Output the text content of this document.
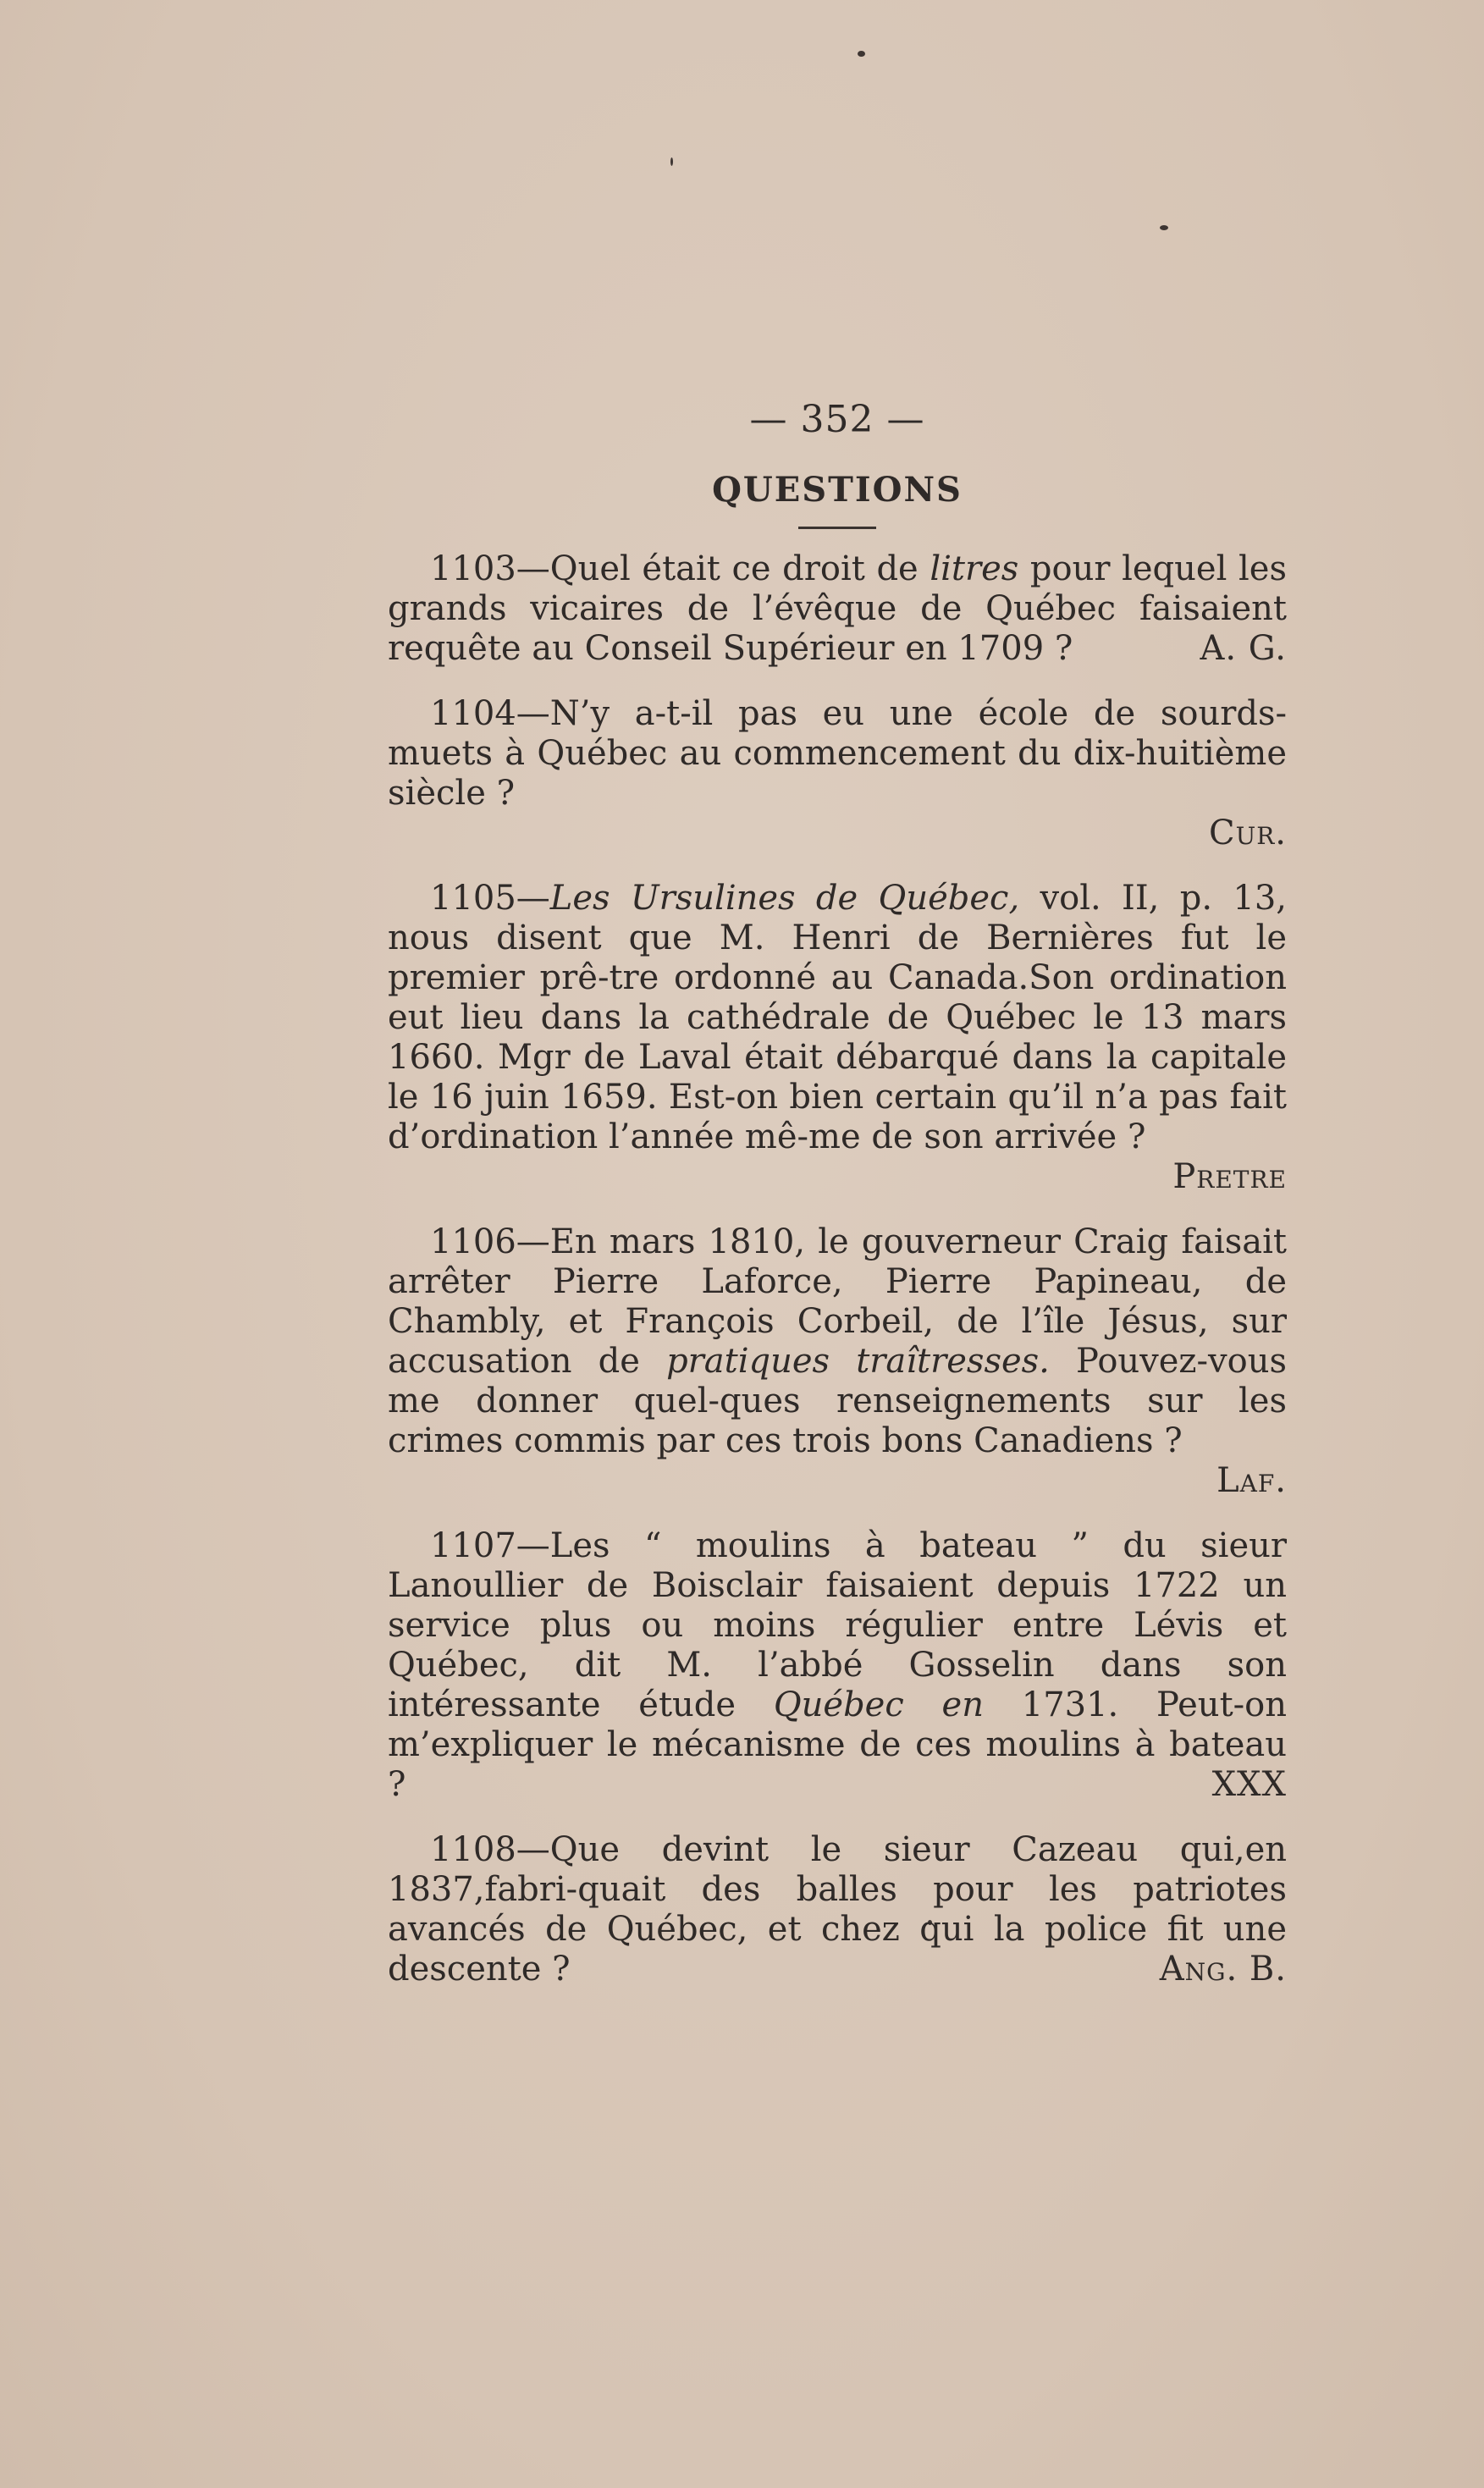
— 352 —
QUESTIONS

1103—Quel était ce droit de litres pour lequel les grands vicaires de l’évêque de Québec faisaient requête au Conseil Supérieur en 1709 ?	A. G.

1104—N’y a-t-il pas eu une école de sourds-muets à Québec au commencement du dix-huitième siècle ?
Cur.

1105—Les Ursulines de Québec, vol. II, p. 13, nous disent que M. Henri de Bernières fut le premier prê-tre ordonné au Canada.Son ordination eut lieu dans la cathédrale de Québec le 13 mars 1660. Mgr de Laval était débarqué dans la capitale le 16 juin 1659. Est-on bien certain qu’il n’a pas fait d’ordination l’année mê-me de son arrivée ?
Pretre

1106—En mars 1810, le gouverneur Craig faisait arrêter Pierre Laforce, Pierre Papineau, de Chambly, et François Corbeil, de l’île Jésus, sur accusation de pratiques traîtresses. Pouvez-vous me donner quel-ques renseignements sur les crimes commis par ces trois bons Canadiens ?
Laf.

1107—Les “ moulins à bateau ” du sieur Lanoullier de Boisclair faisaient depuis 1722 un service plus ou moins régulier entre Lévis et Québec, dit M. l’abbé Gosselin dans son intéressante étude Québec en 1731. Peut-on m’expliquer le mécanisme de ces moulins à bateau ?	XXX

1108—Que devint le sieur Cazeau qui,en 1837,fabri-quait des balles pour les patriotes avancés de Québec, et chez qui la police fit une descente ?	Ang. B.
